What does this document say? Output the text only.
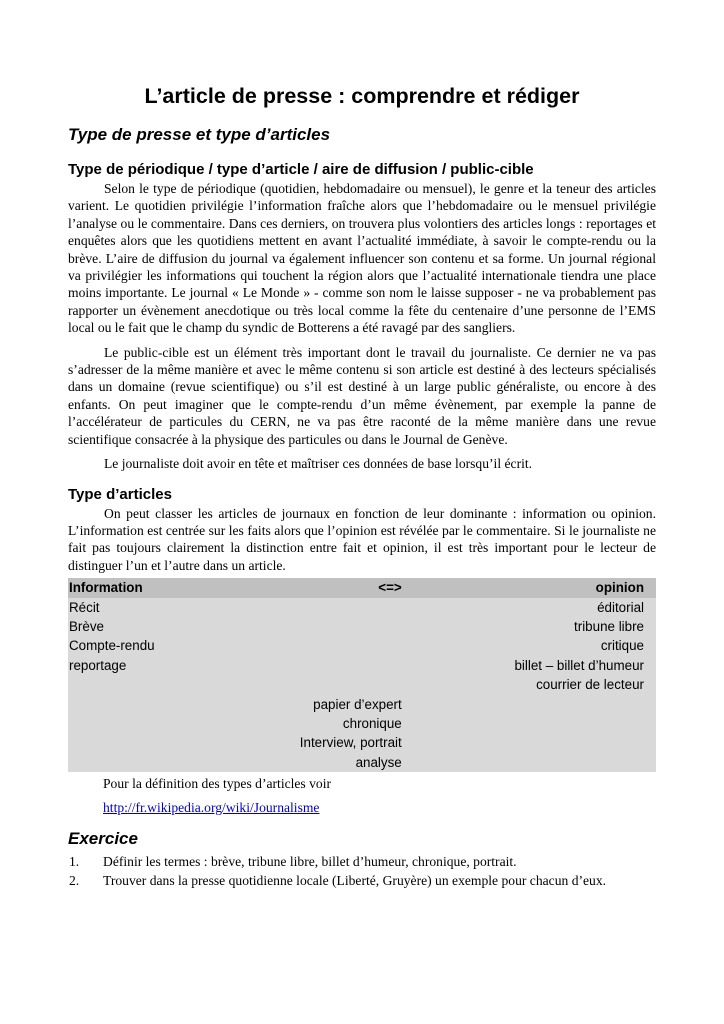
L’article de presse : comprendre et rédiger
Type de presse et type d’articles
Type de périodique / type d’article / aire de diffusion / public-cible

Selon le type de périodique (quotidien, hebdomadaire ou mensuel), le genre et la teneur des articles varient. Le quotidien privilégie l’information fraîche alors que l’hebdomadaire ou le mensuel privilégie l’analyse ou le commentaire. Dans ces derniers, on trouvera plus volontiers des articles longs : reportages et enquêtes alors que les quotidiens mettent en avant l’actualité immédiate, à savoir le compte-rendu ou la brève. L’aire de diffusion du journal va également influencer son contenu et sa forme. Un journal régional va privilégier les informations qui touchent la région alors que l’actualité internationale tiendra une place moins importante. Le journal « Le Monde » - comme son nom le laisse supposer - ne va probablement pas rapporter un évènement anecdotique ou très local comme la fête du centenaire d’une personne de l’EMS local ou le fait que le champ du syndic de Botterens a été ravagé par des sangliers.

Le public-cible est un élément très important dont le travail du journaliste. Ce dernier ne va pas s’adresser de la même manière et avec le même contenu si son article est destiné à des lecteurs spécialisés dans un domaine (revue scientifique) ou s’il est destiné à un large public généraliste, ou encore à des enfants. On peut imaginer que le compte-rendu d’un même évènement, par exemple la panne de l’accélérateur de particules du CERN, ne va pas être raconté de la même manière dans une revue scientifique consacrée à la physique des particules ou dans le Journal de Genève.

Le journaliste doit avoir en tête et maîtriser ces données de base lorsqu’il écrit.

Type d’articles

On peut classer les articles de journaux en fonction de leur dominante : information ou opinion. L’information est centrée sur les faits alors que l’opinion est révélée par le commentaire. Si le journaliste ne fait pas toujours clairement la distinction entre fait et opinion, il est très important pour le lecteur de distinguer l’un et l’autre dans un article.

Information	<=>	opinion
Récit		éditorial
Brève		tribune libre
Compte-rendu		critique
reportage		billet – billet d’humeur
		courrier de lecteur
	papier d’expert	
	chronique	
	Interview, portrait	
	analyse	

Pour la définition des types d’articles voir

http://fr.wikipedia.org/wiki/Journalisme
Exercice
1. Définir les termes : brève, tribune libre, billet d’humeur, chronique, portrait.
2. Trouver dans la presse quotidienne locale (Liberté, Gruyère) un exemple pour chacun d’eux.
